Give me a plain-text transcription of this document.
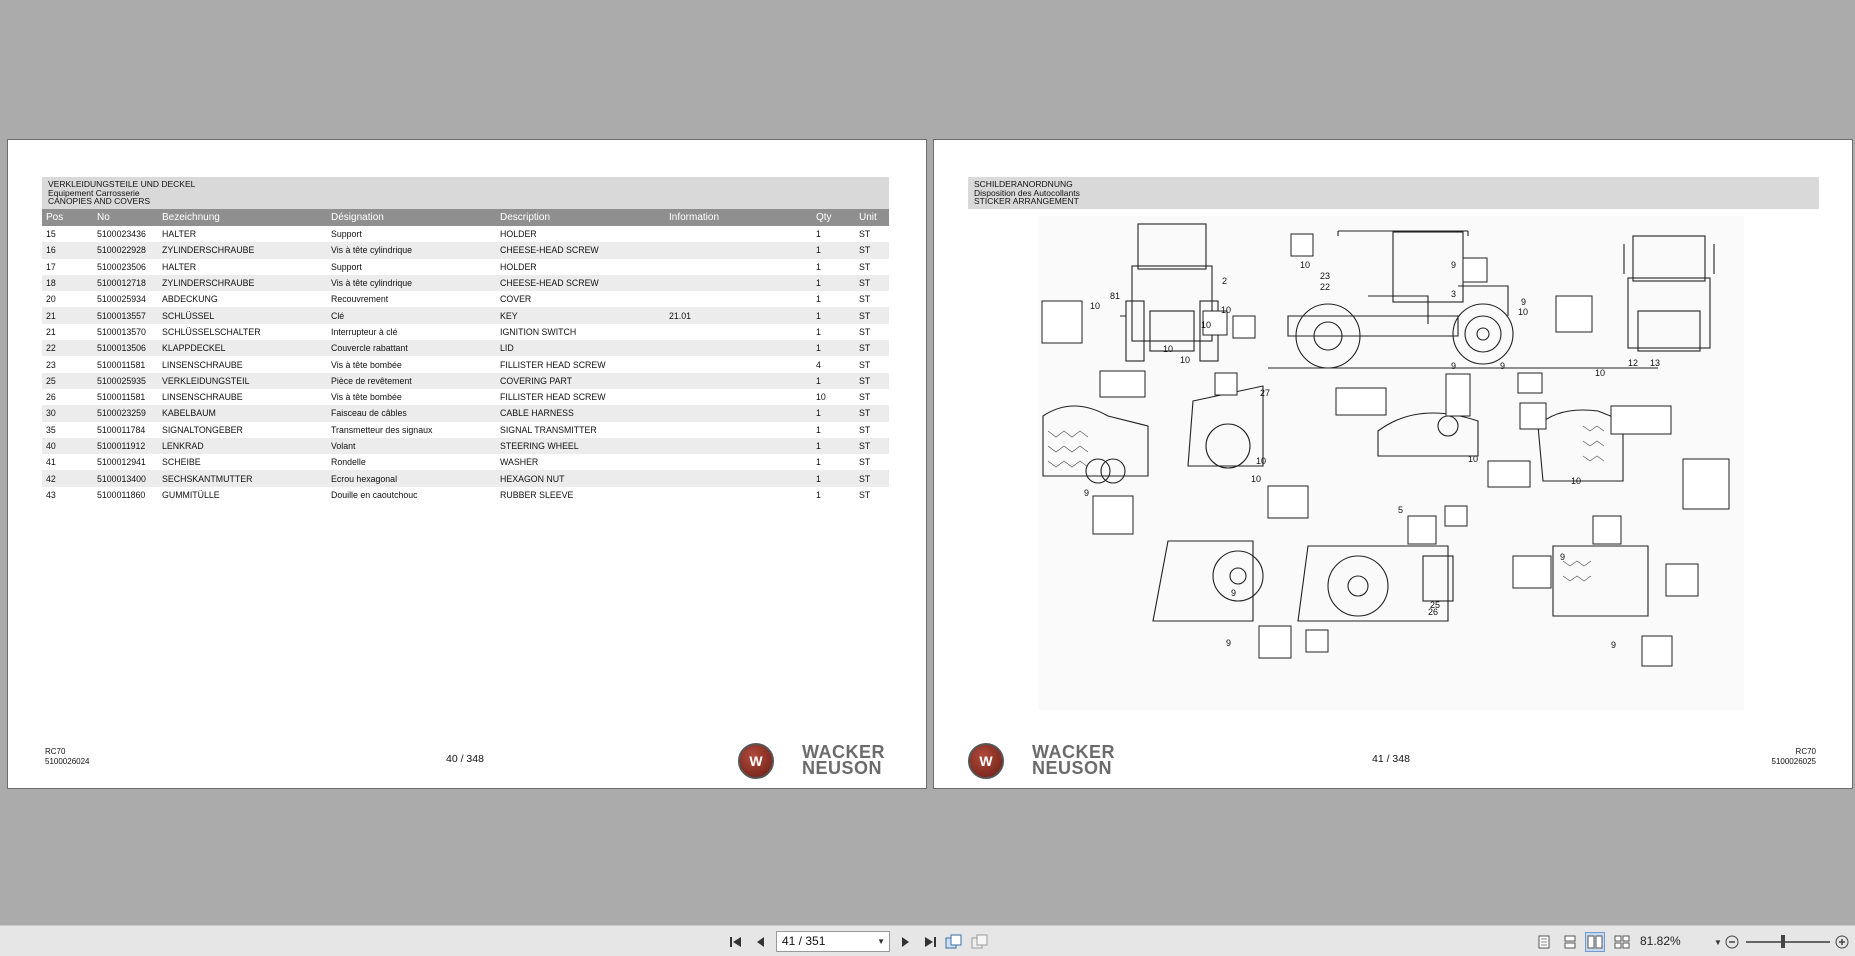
VERKLEIDUNGSTEILE UND DECKEL
Equipement Carrosserie
CANOPIES AND COVERS
Pos	No	Bezeichnung	Désignation	Description	Information	Qty	Unit
15	5100023436	HALTER	Support	HOLDER		1	ST
16	5100022928	ZYLINDERSCHRAUBE	Vis à tête cylindrique	CHEESE-HEAD SCREW		1	ST
17	5100023506	HALTER	Support	HOLDER		1	ST
18	5100012718	ZYLINDERSCHRAUBE	Vis à tête cylindrique	CHEESE-HEAD SCREW		1	ST
20	5100025934	ABDECKUNG	Recouvrement	COVER		1	ST
21	5100013557	SCHLÜSSEL	Clé	KEY	21.01	1	ST
21	5100013570	SCHLÜSSELSCHALTER	Interrupteur à clé	IGNITION SWITCH		1	ST
22	5100013506	KLAPPDECKEL	Couvercle rabattant	LID		1	ST
23	5100011581	LINSENSCHRAUBE	Vis à tête bombée	FILLISTER HEAD SCREW		4	ST
25	5100025935	VERKLEIDUNGSTEIL	Pièce de revêtement	COVERING PART		1	ST
26	5100011581	LINSENSCHRAUBE	Vis à tête bombée	FILLISTER HEAD SCREW		10	ST
30	5100023259	KABELBAUM	Faisceau de câbles	CABLE HARNESS		1	ST
35	5100011784	SIGNALTONGEBER	Transmetteur des signaux	SIGNAL TRANSMITTER		1	ST
40	5100011912	LENKRAD	Volant	STEERING WHEEL		1	ST
41	5100012941	SCHEIBE	Rondelle	WASHER		1	ST
42	5100013400	SECHSKANTMUTTER	Ecrou hexagonal	HEXAGON NUT		1	ST
43	5100011860	GUMMITÜLLE	Douille en caoutchouc	RUBBER SLEEVE		1	ST
RC70
5100026024	40 / 348 W	WACKER
NEUSON
SCHILDERANORDNUNG
Disposition des Autocollants
STICKER ARRANGEMENT
81
10
2
10
10
10
10
23
22
9
3
9
10
10
9	9
10
12 13
27
10	10
9
10
5
10
9
9
25
26
9
9
W
WACKER
NEUSON	41 / 348
RC70
5100026025
41 / 351	▼	81.82%	▼
